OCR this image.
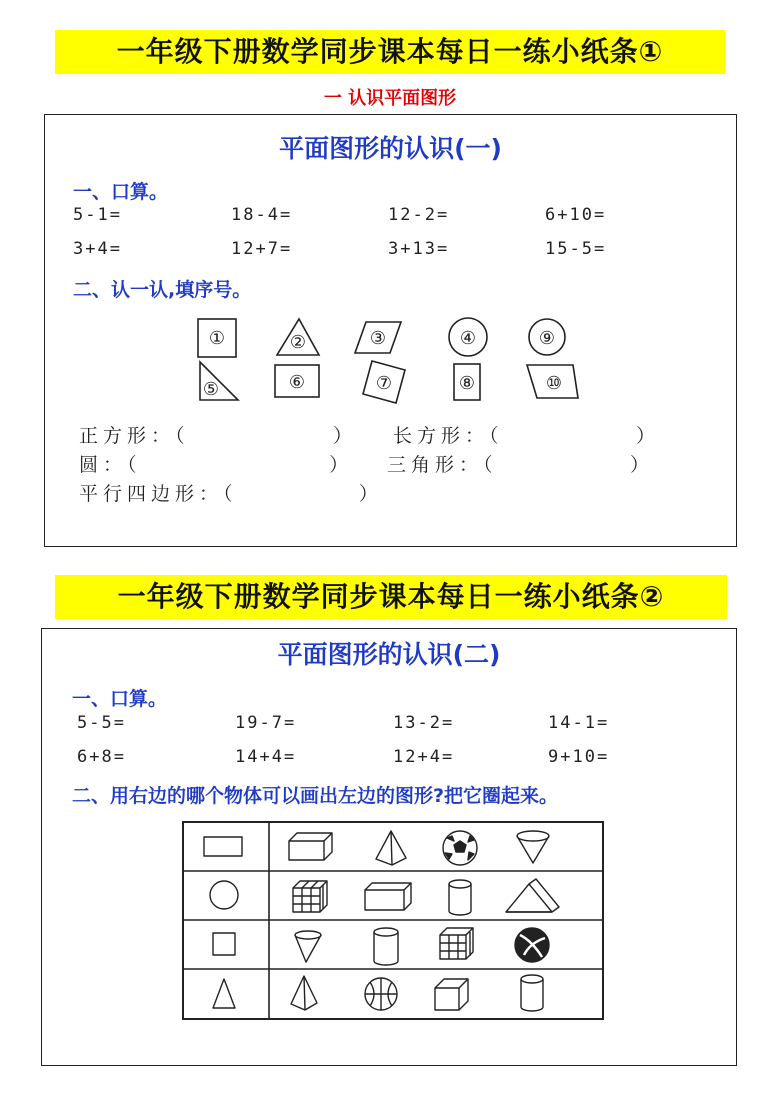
一年级下册数学同步课本每日一练小纸条①
一 认识平面图形
平面图形的认识(一)
一、口算。
5-1=	18-4=	12-2=	6+10=
3+4=	12+7=	3+13=	15-5=
二、认一认,填序号。
①	②	③	④	⑨
⑤	⑥	⑦	⑧	⑩
正方形：（             ） 长方形：（            ）
圆：（                 ） 三角形：（            ）
平行四边形：（           ）
一年级下册数学同步课本每日一练小纸条②
平面图形的认识(二)
一、口算。
5-5=	19-7=	13-2=	14-1=
6+8=	14+4=	12+4=	9+10=
二、用右边的哪个物体可以画出左边的图形?把它圈起来。
